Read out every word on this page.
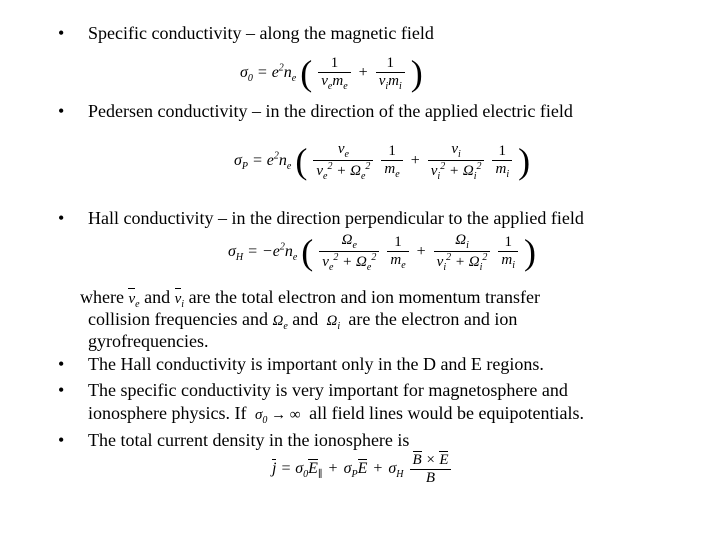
• Specific conductivity – along the magnetic field
$\sigma_0 = e^2n_e$ ( $\frac{1}{\nu_em_e} + \frac{1}{\nu_im_i}$ )
• Pedersen conductivity – in the direction of the applied electric field
$\sigma_P = e^2n_e$ ( $\frac{\nu_e}{\nu_e^2 + \Omega_e^2}$
$\frac{1}{m_e} + \frac{\nu_i}{\nu_i^2 + \Omega_i^2}$
$\frac{1}{m_i}$ )
• Hall conductivity – in the direction perpendicular to the applied field
$\sigma_H = -e^2n_e$ ( $\frac{\Omega_e}{\nu_e^2 + \Omega_e^2}$
$\frac{1}{m_e} + \frac{\Omega_i}{\nu_i^2 + \Omega_i^2}$
$\frac{1}{m_i}$ )
where $\nu_e$ and $\nu_i$ are the total electron and ion momentum transfer
collision frequencies and $\Omega_e$ and  $\Omega_i$ are the electron and ion
gyrofrequencies.
• The Hall conductivity is important only in the D and E regions.
• The specific conductivity is very important for magnetosphere and
ionosphere physics. If $\sigma_0$ → ∞ all field lines would be equipotentials.
• The total current density in the ionosphere is
$j = \sigma_0E_\parallel + \sigma_PE + \sigma_H \frac{B \times E}{B}$
